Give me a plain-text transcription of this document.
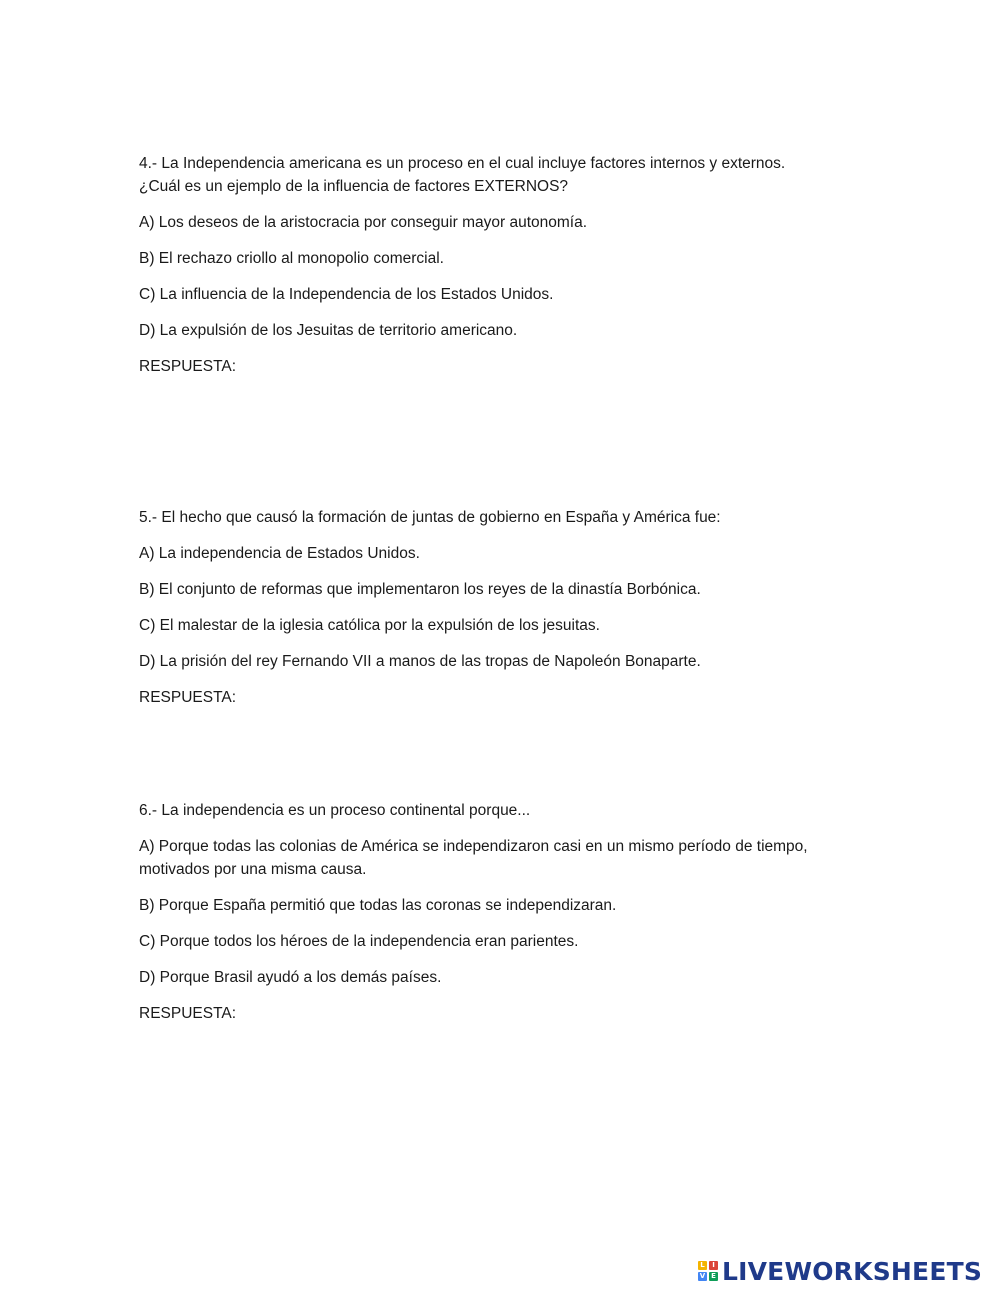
4.- La Independencia americana es un proceso en el cual incluye factores internos y externos.

¿Cuál es un ejemplo de la influencia de factores EXTERNOS?

A) Los deseos de la aristocracia por conseguir mayor autonomía.

B) El rechazo criollo al monopolio comercial.

C) La influencia de la Independencia de los Estados Unidos.

D) La expulsión de los Jesuitas de territorio americano.

RESPUESTA:

5.- El hecho que causó la formación de juntas de gobierno en España y América fue:

A) La independencia de Estados Unidos.

B) El conjunto de reformas que implementaron los reyes de la dinastía Borbónica.

C) El malestar de la iglesia católica por la expulsión de los jesuitas.

D) La prisión del rey Fernando VII a manos de las tropas de Napoleón Bonaparte.

RESPUESTA:

6.- La independencia es un proceso continental porque...

A) Porque todas las colonias de América se independizaron casi en un mismo período de tiempo,

motivados por una misma causa.

B) Porque España permitió que todas las coronas se independizaran.

C) Porque todos los héroes de la independencia eran parientes.

D) Porque Brasil ayudó a los demás países.

RESPUESTA:

L	I
V E LIVEWORKSHEETS
